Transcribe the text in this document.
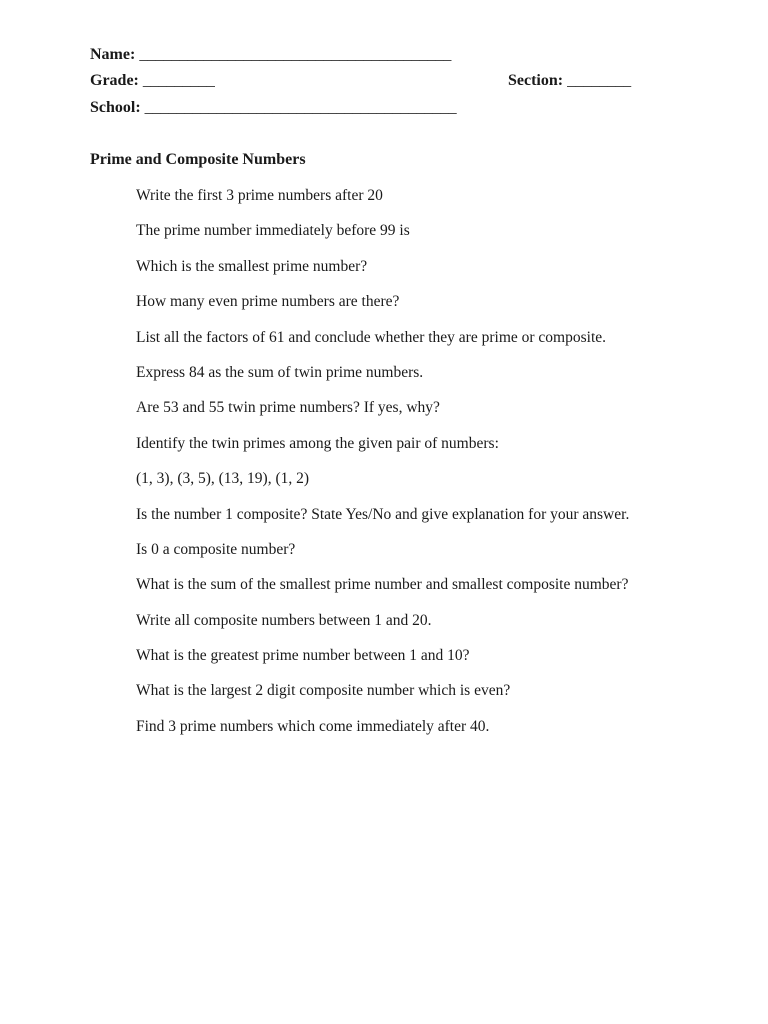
Name: _______________________________________
Grade: _________	Section: ________
School: _______________________________________
Prime and Composite Numbers
Write the first 3 prime numbers after 20
The prime number immediately before 99 is
Which is the smallest prime number?
How many even prime numbers are there?
List all the factors of 61 and conclude whether they are prime or composite.
Express 84 as the sum of twin prime numbers.
Are 53 and 55 twin prime numbers? If yes, why?
Identify the twin primes among the given pair of numbers:
(1, 3), (3, 5), (13, 19), (1, 2)
Is the number 1 composite? State Yes/No and give explanation for your answer.
Is 0 a composite number?
What is the sum of the smallest prime number and smallest composite number?
Write all composite numbers between 1 and 20.
What is the greatest prime number between 1 and 10?
What is the largest 2 digit composite number which is even?
Find 3 prime numbers which come immediately after 40.
